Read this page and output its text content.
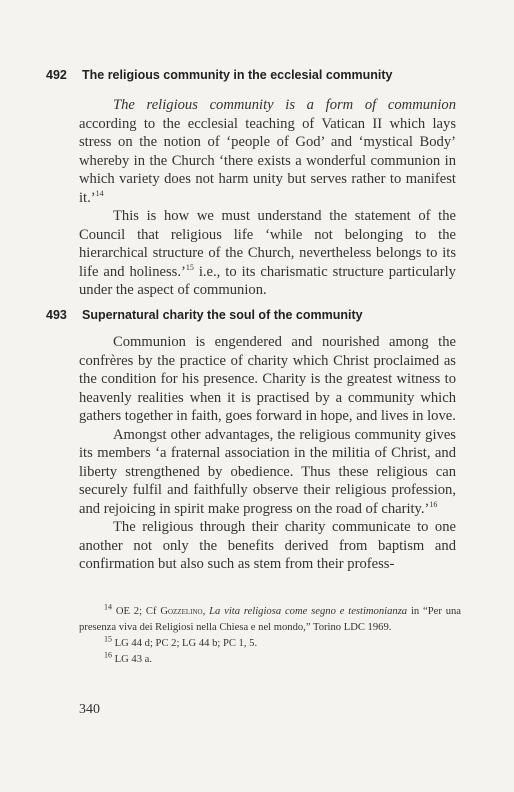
492 The religious community in the ecclesial community

The religious community is a form of communion according to the ecclesial teaching of Vatican II which lays stress on the notion of ‘people of God’ and ‘mystical Body’ whereby in the Church ‘there exists a wonderful communion in which variety does not harm unity but serves rather to manifest it.’$^{14}$

This is how we must understand the statement of the Council that religious life ‘while not belonging to the hierarchical structure of the Church, nevertheless belongs to its life and holiness.’$^{15}$ i.e., to its charismatic structure particularly under the aspect of communion.

493 Supernatural charity the soul of the community

Communion is engendered and nourished among the confrères by the practice of charity which Christ proclaimed as the condition for his presence. Charity is the greatest witness to heavenly realities when it is practised by a community which gathers together in faith, goes forward in hope, and lives in love.

Amongst other advantages, the religious community gives its members ‘a fraternal association in the militia of Christ, and liberty strengthened by obedience. Thus these religious can securely fulfil and faithfully observe their religious profession, and rejoicing in spirit make progress on the road of charity.’$^{16}$

The religious through their charity communicate to one another not only the benefits derived from baptism and confirmation but also such as stem from their profess-

$^{14}$ OE 2; Cf Gozzelino, La vita religiosa come segno e testimonianza in “Per una presenza viva dei Religiosi nella Chiesa e nel mondo,” Torino LDC 1969.

$^{15}$ LG 44 d; PC 2; LG 44 b; PC 1, 5.

$^{16}$ LG 43 a.

340
